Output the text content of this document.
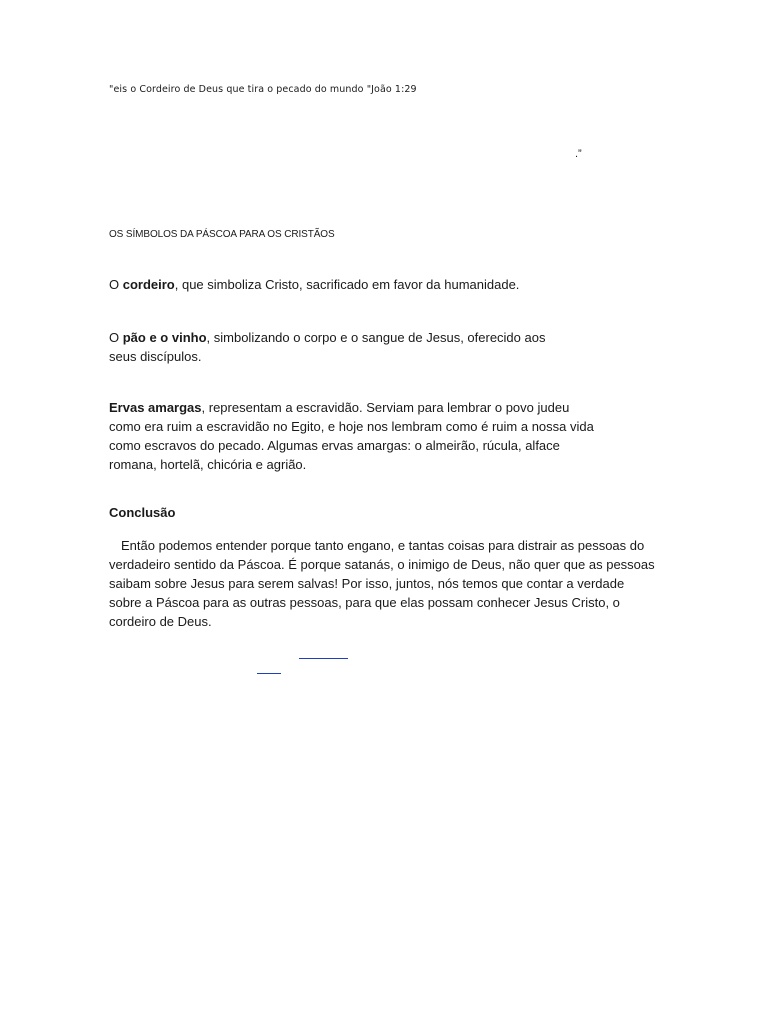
"eis o Cordeiro de Deus que tira o pecado do mundo "João 1:29
.”
OS SÍMBOLOS DA PÁSCOA PARA OS CRISTÃOS
O cordeiro, que simboliza Cristo, sacrificado em favor da humanidade.
O pão e o vinho, simbolizando o corpo e o sangue de Jesus, oferecido aos seus discípulos.
Ervas amargas, representam a escravidão. Serviam para lembrar o povo judeu como era ruim a escravidão no Egito, e hoje nos lembram como é ruim a nossa vida como escravos do pecado. Algumas ervas amargas: o almeirão, rúcula, alface romana, hortelã, chicória e agrião.
Conclusão
Então podemos entender porque tanto engano, e tantas coisas para distrair as pessoas do verdadeiro sentido da Páscoa. É porque satanás, o inimigo de Deus, não quer que as pessoas saibam sobre Jesus para serem salvas! Por isso, juntos, nós temos que contar a verdade sobre a Páscoa para as outras pessoas, para que elas possam conhecer Jesus Cristo, o cordeiro de Deus.
